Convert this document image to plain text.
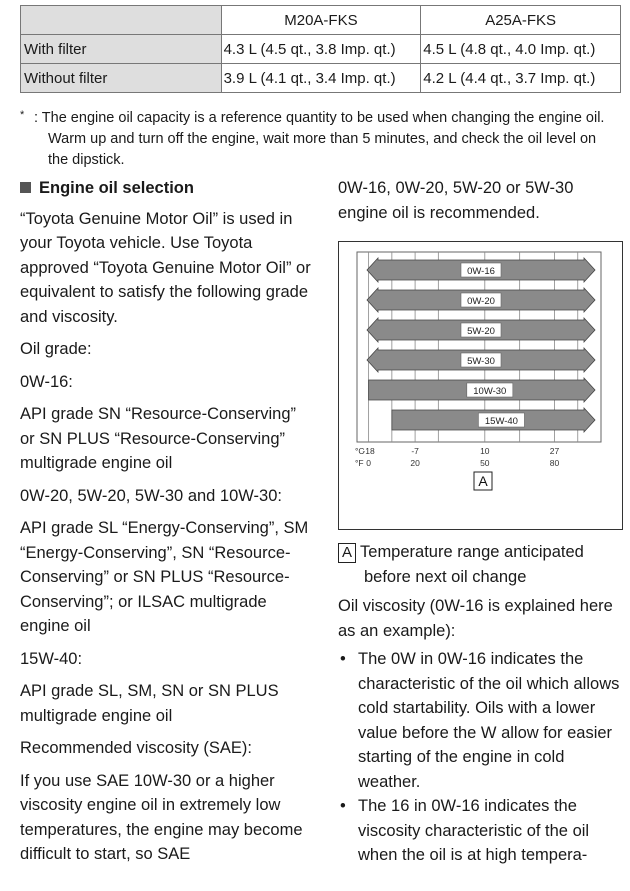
	M20A-FKS	A25A-FKS
With filter	4.3 L (4.5 qt., 3.8 Imp. qt.)	4.5 L (4.8 qt., 4.0 Imp. qt.)
Without filter	3.9 L (4.1 qt., 3.4 Imp. qt.)	4.2 L (4.4 qt., 3.7 Imp. qt.)
* : The engine oil capacity is a reference quantity to be used when changing the engine oil. Warm up and turn off the engine, wait more than 5 minutes, and check the oil level on the dipstick.

Engine oil selection

“Toyota Genuine Motor Oil” is used in your Toyota vehicle. Use Toyota approved “Toyota Genuine Motor Oil” or equivalent to satisfy the following grade and viscosity.

Oil grade:

0W-16:

API grade SN “Resource-Conserving” or SN PLUS “Resource-Conserving” multigrade engine oil

0W-20, 5W-20, 5W-30 and 10W-30:

API grade SL “Energy-Conserving”, SM “Energy-Conserving”, SN “Resource-Conserving” or SN PLUS “Resource-Conserving”; or ILSAC multigrade engine oil

15W-40:

API grade SL, SM, SN or SN PLUS multigrade engine oil

Recommended viscosity (SAE):

If you use SAE 10W-30 or a higher viscosity engine oil in extremely low temperatures, the engine may become difficult to start, so SAE

0W-16, 0W-20, 5W-20 or 5W-30 engine oil is recommended.

0W-16
0W-20
5W-20
5W-30
10W-30
15W-40
°C
°F
-18	-7	10	27
0	20	50	80
A
A Temperature range anticipated
before next oil change

Oil viscosity (0W-16 is explained here as an example):

• The 0W in 0W-16 indicates the characteristic of the oil which allows cold startability. Oils with a lower value before the W allow for easier starting of the engine in cold weather.
• The 16 in 0W-16 indicates the viscosity characteristic of the oil when the oil is at high tempera-
